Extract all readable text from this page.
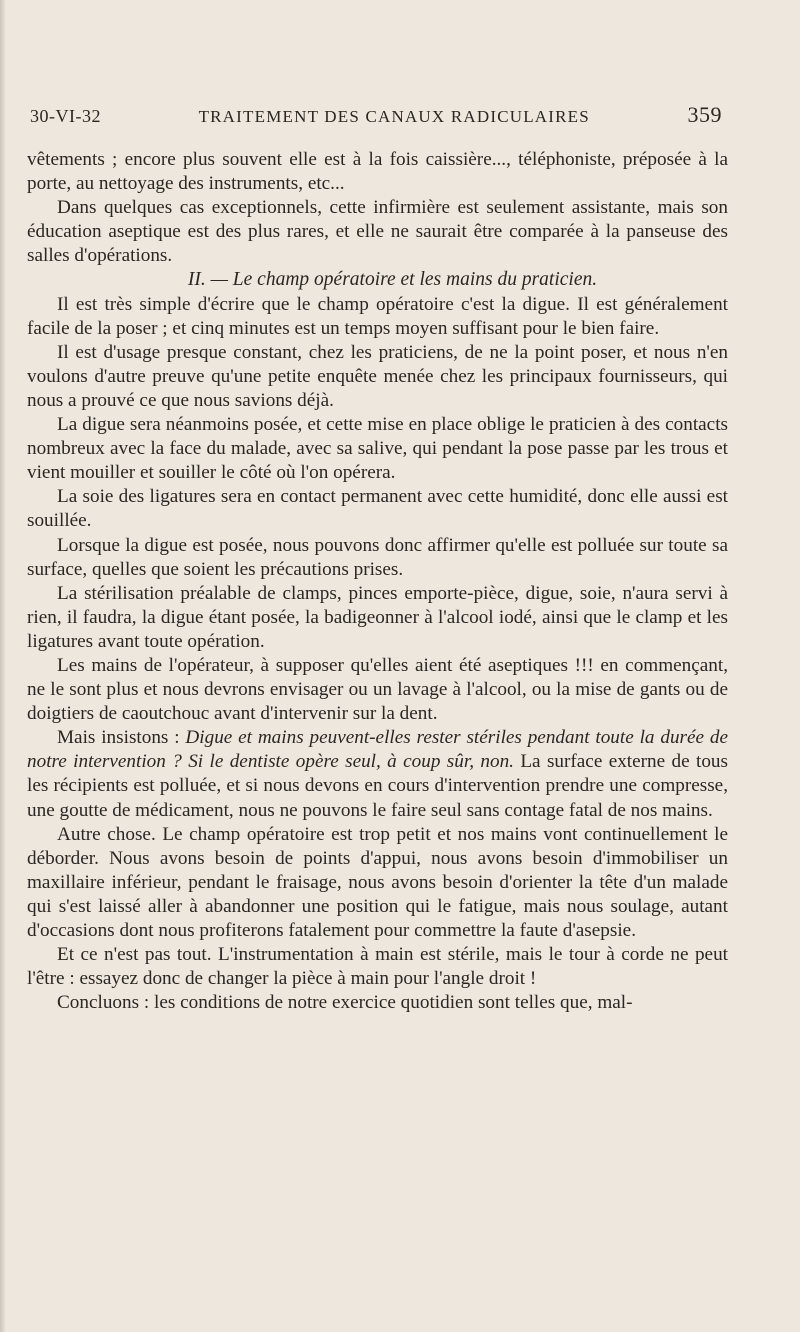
30-VI-32	TRAITEMENT DES CANAUX RADICULAIRES	359

vêtements ; encore plus souvent elle est à la fois caissière..., téléphoniste, préposée à la porte, au nettoyage des instruments, etc...

Dans quelques cas exceptionnels, cette infirmière est seulement assistante, mais son éducation aseptique est des plus rares, et elle ne saurait être comparée à la panseuse des salles d'opérations.

II. — Le champ opératoire et les mains du praticien.

Il est très simple d'écrire que le champ opératoire c'est la digue. Il est généralement facile de la poser ; et cinq minutes est un temps moyen suffisant pour le bien faire.

Il est d'usage presque constant, chez les praticiens, de ne la point poser, et nous n'en voulons d'autre preuve qu'une petite enquête menée chez les principaux fournisseurs, qui nous a prouvé ce que nous savions déjà.

La digue sera néanmoins posée, et cette mise en place oblige le praticien à des contacts nombreux avec la face du malade, avec sa salive, qui pendant la pose passe par les trous et vient mouiller et souiller le côté où l'on opérera.

La soie des ligatures sera en contact permanent avec cette humidité, donc elle aussi est souillée.

Lorsque la digue est posée, nous pouvons donc affirmer qu'elle est polluée sur toute sa surface, quelles que soient les précautions prises.

La stérilisation préalable de clamps, pinces emporte-pièce, digue, soie, n'aura servi à rien, il faudra, la digue étant posée, la badigeonner à l'alcool iodé, ainsi que le clamp et les ligatures avant toute opération.

Les mains de l'opérateur, à supposer qu'elles aient été aseptiques !!! en commençant, ne le sont plus et nous devrons envisager ou un lavage à l'alcool, ou la mise de gants ou de doigtiers de caoutchouc avant d'intervenir sur la dent.

Mais insistons : Digue et mains peuvent-elles rester stériles pendant toute la durée de notre intervention ? Si le dentiste opère seul, à coup sûr, non. La surface externe de tous les récipients est polluée, et si nous devons en cours d'intervention prendre une compresse, une goutte de médicament, nous ne pouvons le faire seul sans contage fatal de nos mains.

Autre chose. Le champ opératoire est trop petit et nos mains vont continuellement le déborder. Nous avons besoin de points d'appui, nous avons besoin d'immobiliser un maxillaire inférieur, pendant le fraisage, nous avons besoin d'orienter la tête d'un malade qui s'est laissé aller à abandonner une position qui le fatigue, mais nous soulage, autant d'occasions dont nous profiterons fatalement pour commettre la faute d'asepsie.

Et ce n'est pas tout. L'instrumentation à main est stérile, mais le tour à corde ne peut l'être : essayez donc de changer la pièce à main pour l'angle droit !

Concluons : les conditions de notre exercice quotidien sont telles que, mal-
